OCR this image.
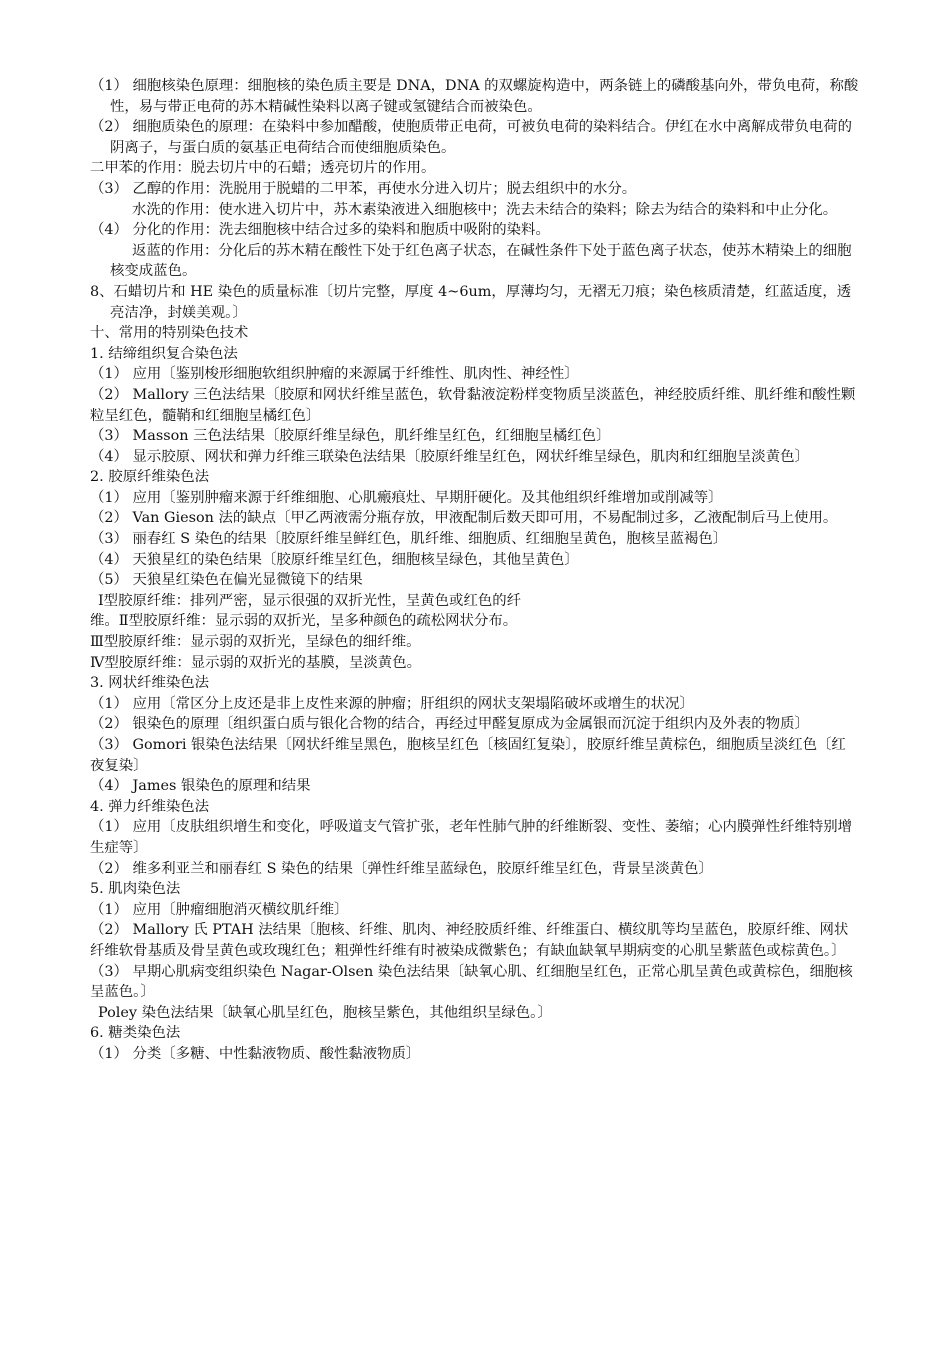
（1） 细胞核染色原理：细胞核的染色质主要是 DNA，DNA 的双螺旋构造中，两条链上的磷酸基向外，带负电荷，称酸性，易与带正电荷的苏木精碱性染料以离子键或氢键结合而被染色。

（2） 细胞质染色的原理：在染料中参加醋酸，使胞质带正电荷，可被负电荷的染料结合。伊红在水中离解成带负电荷的阴离子，与蛋白质的氨基正电荷结合而使细胞质染色。

二甲苯的作用：脱去切片中的石蜡；透亮切片的作用。

（3） 乙醇的作用：洗脱用于脱蜡的二甲苯，再使水分进入切片；脱去组织中的水分。

水洗的作用：使水进入切片中，苏木素染液进入细胞核中；洗去未结合的染料；除去为结合的染料和中止分化。

（4） 分化的作用：洗去细胞核中结合过多的染料和胞质中吸附的染料。

返蓝的作用：分化后的苏木精在酸性下处于红色离子状态，在碱性条件下处于蓝色离子状态，使苏木精染上的细胞核变成蓝色。

8、石蜡切片和 HE 染色的质量标准〔切片完整，厚度 4~6um，厚薄均匀，无褶无刀痕；染色核质清楚，红蓝适度，透亮洁净，封媄美观。〕

十、常用的特别染色技术

1. 结缔组织复合染色法

（1） 应用〔鉴别梭形细胞软组织肿瘤的来源属于纤维性、肌肉性、神经性〕

（2） Mallory 三色法结果〔胶原和网状纤维呈蓝色，软骨黏液淀粉样变物质呈淡蓝色，神经胶质纤维、肌纤维和酸性颗粒呈红色，髓鞘和红细胞呈橘红色〕

（3） Masson 三色法结果〔胶原纤维呈绿色，肌纤维呈红色，红细胞呈橘红色〕

（4） 显示胶原、网状和弹力纤维三联染色法结果〔胶原纤维呈红色，网状纤维呈绿色，肌肉和红细胞呈淡黄色〕

2. 胶原纤维染色法

（1） 应用〔鉴别肿瘤来源于纤维细胞、心肌瘢痕灶、早期肝硬化。及其他组织纤维增加或削减等〕

（2） Van Gieson 法的缺点〔甲乙两液需分瓶存放，甲液配制后数天即可用，不易配制过多，乙液配制后马上使用。

（3） 丽春红 S 染色的结果〔胶原纤维呈鲜红色，肌纤维、细胞质、红细胞呈黄色，胞核呈蓝褐色〕

（4） 天狼星红的染色结果〔胶原纤维呈红色，细胞核呈绿色，其他呈黄色〕

（5） 天狼星红染色在偏光显微镜下的结果

Ⅰ型胶原纤维：排列严密，显示很强的双折光性，呈黄色或红色的纤

维。Ⅱ型胶原纤维：显示弱的双折光，呈多种颜色的疏松网状分布。

Ⅲ型胶原纤维：显示弱的双折光，呈绿色的细纤维。

Ⅳ型胶原纤维：显示弱的双折光的基膜，呈淡黄色。

3. 网状纤维染色法

（1） 应用〔常区分上皮还是非上皮性来源的肿瘤；肝组织的网状支架塌陷破坏或增生的状况〕

（2） 银染色的原理〔组织蛋白质与银化合物的结合，再经过甲醛复原成为金属银而沉淀于组织内及外表的物质〕

（3） Gomori 银染色法结果〔网状纤维呈黑色，胞核呈红色〔核固红复染〕，胶原纤维呈黄棕色，细胞质呈淡红色〔红夜复染〕

（4） James 银染色的原理和结果

4. 弹力纤维染色法

（1） 应用〔皮肤组织增生和变化，呼吸道支气管扩张，老年性肺气肿的纤维断裂、变性、萎缩；心内膜弹性纤维特别增生症等〕

（2） 维多利亚兰和丽春红 S 染色的结果〔弹性纤维呈蓝绿色，胶原纤维呈红色，背景呈淡黄色〕

5. 肌肉染色法

（1） 应用〔肿瘤细胞消灭横纹肌纤维〕

（2） Mallory 氏 PTAH 法结果〔胞核、纤维、肌肉、神经胶质纤维、纤维蛋白、横纹肌等均呈蓝色，胶原纤维、网状纤维软骨基质及骨呈黄色或玫瑰红色；粗弹性纤维有时被染成微紫色；有缺血缺氧早期病变的心肌呈紫蓝色或棕黄色。〕

（3） 早期心肌病变组织染色 Nagar-Olsen 染色法结果〔缺氧心肌、红细胞呈红色，正常心肌呈黄色或黄棕色，细胞核呈蓝色。〕

Poley 染色法结果〔缺氧心肌呈红色，胞核呈紫色，其他组织呈绿色。〕

6. 糖类染色法

（1） 分类〔多糖、中性黏液物质、酸性黏液物质〕
